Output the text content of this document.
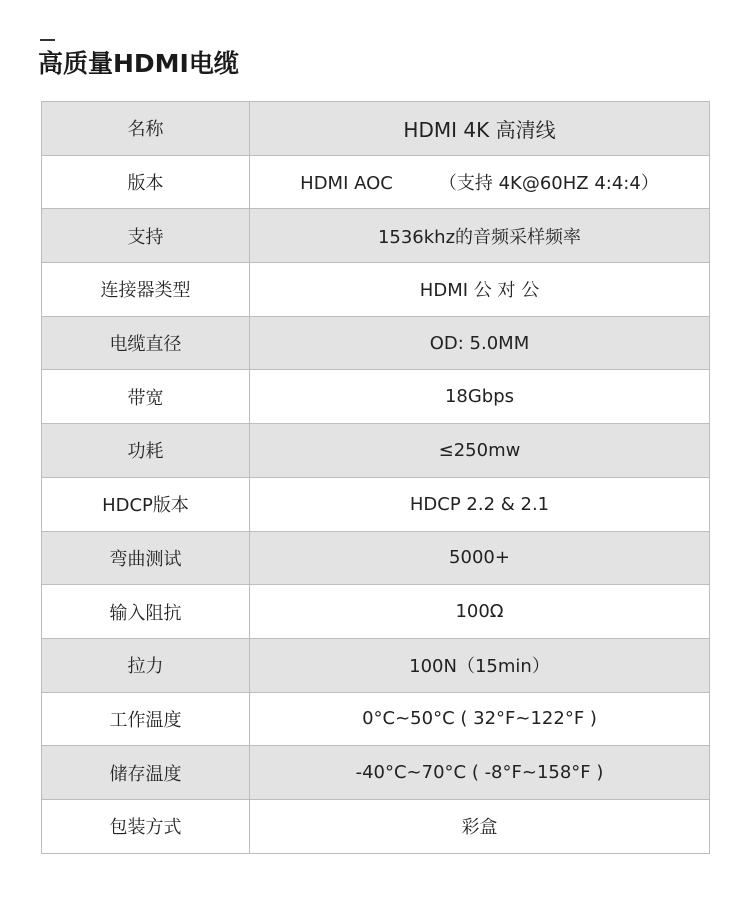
高质量HDMI电缆
名称	HDMI 4K 高清线
版本	HDMI AOC （支持 4K@60HZ 4:4:4）
支持	1536khz的音频采样频率
连接器类型	HDMI 公 对 公
电缆直径	OD: 5.0MM
带宽	18Gbps
功耗	≤250mw
HDCP版本	HDCP 2.2 & 2.1
弯曲测试	5000+
输入阻抗	100Ω
拉力	100N（15min）
工作温度	0°C~50°C ( 32°F~122°F )
储存温度	-40°C~70°C ( -8°F~158°F )
包装方式	彩盒
